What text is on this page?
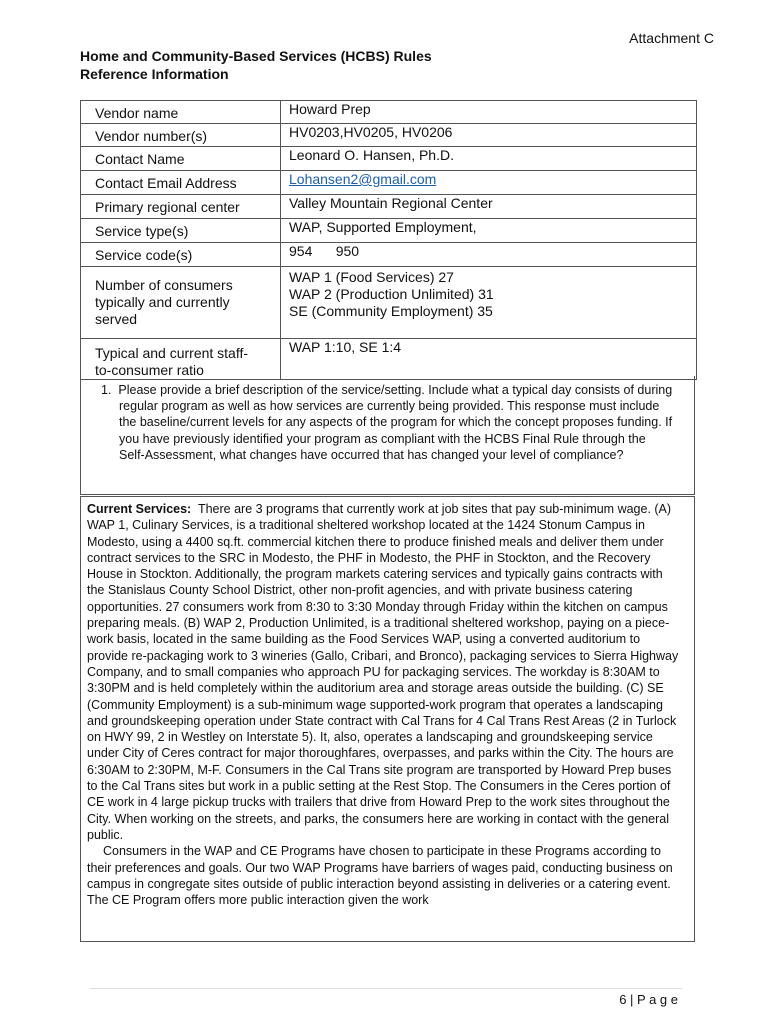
Attachment C
Home and Community-Based Services (HCBS) Rules
Reference Information
Vendor name	Howard Prep
Vendor number(s)	HV0203,HV0205, HV0206
Contact Name	Leonard O. Hansen, Ph.D.
Contact Email Address	Lohansen2@gmail.com
Primary regional center	Valley Mountain Regional Center
Service type(s)	WAP, Supported Employment,
Service code(s)	954      950
Number of consumers typically and currently served	WAP 1 (Food Services) 27
WAP 2 (Production Unlimited) 31
SE (Community Employment) 35

Typical and current staff-to-consumer ratio	WAP 1:10, SE 1:4
1. Please provide a brief description of the service/setting. Include what a typical day consists of during regular program as well as how services are currently being provided. This response must include the baseline/current levels for any aspects of the program for which the concept proposes funding. If you have previously identified your program as compliant with the HCBS Final Rule through the Self-Assessment, what changes have occurred that has changed your level of compliance?

Current Services: There are 3 programs that currently work at job sites that pay sub-minimum wage. (A) WAP 1, Culinary Services, is a traditional sheltered workshop located at the 1424 Stonum Campus in Modesto, using a 4400 sq.ft. commercial kitchen there to produce finished meals and deliver them under contract services to the SRC in Modesto, the PHF in Modesto, the PHF in Stockton, and the Recovery House in Stockton. Additionally, the program markets catering services and typically gains contracts with the Stanislaus County School District, other non-profit agencies, and with private business catering opportunities. 27 consumers work from 8:30 to 3:30 Monday through Friday within the kitchen on campus preparing meals. (B) WAP 2, Production Unlimited, is a traditional sheltered workshop, paying on a piece-work basis, located in the same building as the Food Services WAP, using a converted auditorium to provide re-packaging work to 3 wineries (Gallo, Cribari, and Bronco), packaging services to Sierra Highway Company, and to small companies who approach PU for packaging services. The workday is 8:30AM to 3:30PM and is held completely within the auditorium area and storage areas outside the building. (C) SE (Community Employment) is a sub-minimum wage supported-work program that operates a landscaping and groundskeeping operation under State contract with Cal Trans for 4 Cal Trans Rest Areas (2 in Turlock on HWY 99, 2 in Westley on Interstate 5). It, also, operates a landscaping and groundskeeping service under City of Ceres contract for major thoroughfares, overpasses, and parks within the City. The hours are 6:30AM to 2:30PM, M-F. Consumers in the Cal Trans site program are transported by Howard Prep buses to the Cal Trans sites but work in a public setting at the Rest Stop. The Consumers in the Ceres portion of CE work in 4 large pickup trucks with trailers that drive from Howard Prep to the work sites throughout the City. When working on the streets, and parks, the consumers here are working in contact with the general public.

Consumers in the WAP and CE Programs have chosen to participate in these Programs according to their preferences and goals. Our two WAP Programs have barriers of wages paid, conducting business on campus in congregate sites outside of public interaction beyond assisting in deliveries or a catering event. The CE Program offers more public interaction given the work

6 | P a g e
